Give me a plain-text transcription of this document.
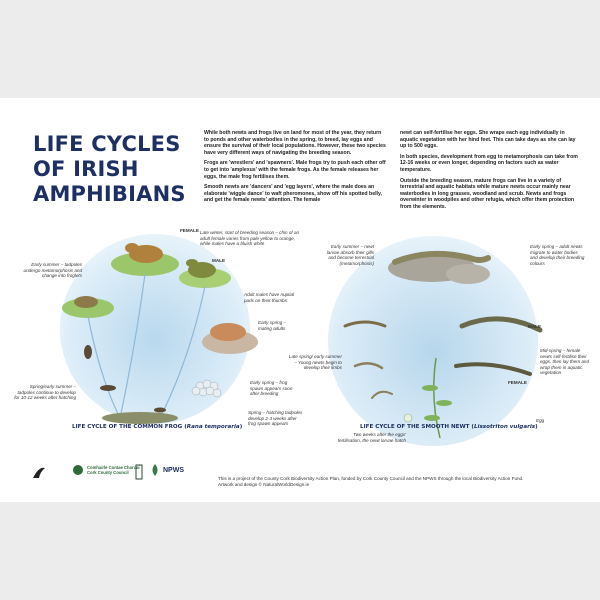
LIFE CYCLES
OF IRISH
AMPHIBIANS

While both newts and frogs live on land for most of the year, they return to ponds and other waterbodies in the spring, to breed, lay eggs and ensure the survival of their local populations. However, these two species have very different ways of navigating the breeding season.

Frogs are 'wrestlers' and 'spawners'. Male frogs try to push each other off to get into 'amplexus' with the female frogs. As the female releases her eggs, the male frog fertilises them.

Smooth newts are 'dancers' and 'egg layers', where the male does an elaborate 'wiggle dance' to waft pheromones, show off his spotted belly, and get the female newts' attention. The female

newt can self-fertilise her eggs. She wraps each egg individually in aquatic vegetation with her hind feet. This can take days as she can lay up to 500 eggs.

In both species, development from egg to metamorphosis can take from 12-16 weeks or even longer, depending on factors such as water temperature.

Outside the breeding season, mature frogs can live in a variety of terrestrial and aquatic habitats while mature newts occur mainly near waterbodies in long grasses, woodland and scrub. Newts and frogs overwinter in woodpiles and other refugia, which offer them protection from the elements.

FEMALE
MALE
Late winter, start of breeding season – chin of an adult female varies from pale yellow to orange, while males have a bluish white
Adult males have nuptial pads on their thumbs
Early summer – tadpoles undergo metamorphosis and change into froglets
Early spring – mating adults
Spring/early summer – tadpoles continue to develop for 10-12 weeks after hatching
Early spring – frog spawn appears soon after breeding
Spring – hatching tadpoles develop 2-3 weeks after frog spawn appears
LIFE CYCLE OF THE COMMON FROG (Rana temporaria)
MALE
FEMALE
Early summer – newt larvae absorb their gills and become terrestrial (metamorphosis)
Early spring – adult newts migrate to water bodies and develop their breeding colours
Late spring/ early summer – Young newts begin to develop their limbs
Mid-spring – female newts self-fertilise their eggs, then lay them and wrap them in aquatic vegetation
Egg
Two weeks after the eggs' fertilisation, the newt larvae hatch
LIFE CYCLE OF THE SMOOTH NEWT (Lissotriton vulgaris)
Comhairle Contae Chorcaí
Cork County Council	NPWS
This is a project of the County Cork Biodiversity Action Plan, funded by Cork County Council and the NPWS through the local Biodiversity Action Fund.
Artwork and design © NaturalWorldDesign.ie
